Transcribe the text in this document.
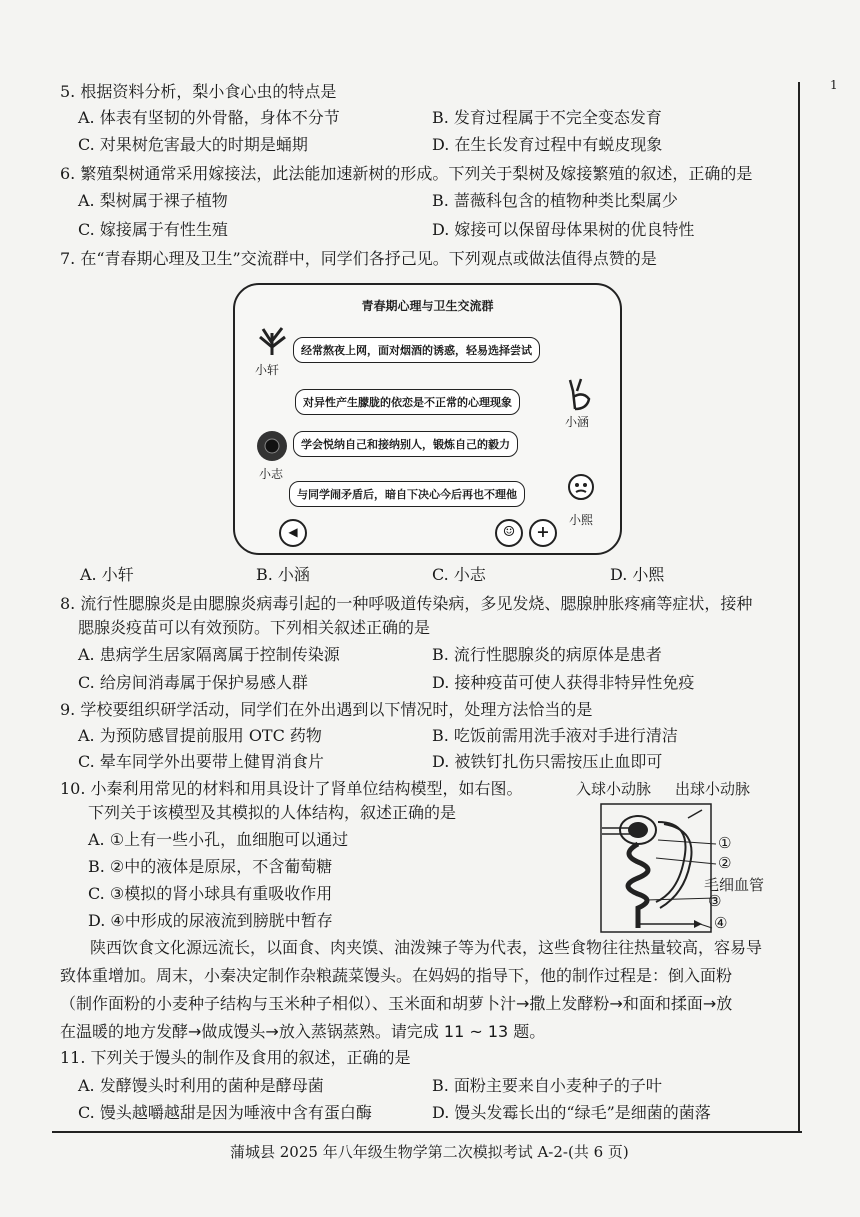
1
5. 根据资料分析，梨小食心虫的特点是
A. 体表有坚韧的外骨骼，身体不分节	B. 发育过程属于不完全变态发育
C. 对果树危害最大的时期是蛹期	D. 在生长发育过程中有蜕皮现象
6. 繁殖梨树通常采用嫁接法，此法能加速新树的形成。下列关于梨树及嫁接繁殖的叙述，正确的是
A. 梨树属于裸子植物	B. 蔷薇科包含的植物种类比梨属少
C. 嫁接属于有性生殖	D. 嫁接可以保留母体果树的优良特性
7. 在“青春期心理及卫生”交流群中，同学们各抒己见。下列观点或做法值得点赞的是
青春期心理与卫生交流群
小轩
经常熬夜上网，面对烟酒的诱惑，轻易选择尝试
对异性产生朦胧的依恋是不正常的心理现象
小涵
小志
学会悦纳自己和接纳别人，锻炼自己的毅力
与同学闹矛盾后，暗自下决心今后再也不理他
小熙
◀	☺	+
A. 小轩	B. 小涵	C. 小志	D. 小熙
8. 流行性腮腺炎是由腮腺炎病毒引起的一种呼吸道传染病，多见发烧、腮腺肿胀疼痛等症状，接种
腮腺炎疫苗可以有效预防。下列相关叙述正确的是
A. 患病学生居家隔离属于控制传染源	B. 流行性腮腺炎的病原体是患者
C. 给房间消毒属于保护易感人群	D. 接种疫苗可使人获得非特异性免疫
9. 学校要组织研学活动，同学们在外出遇到以下情况时，处理方法恰当的是
A. 为预防感冒提前服用 OTC 药物	B. 吃饭前需用洗手液对手进行清洁
C. 晕车同学外出要带上健胃消食片	D. 被铁钉扎伤只需按压止血即可
10. 小秦利用常见的材料和用具设计了肾单位结构模型，如右图。
下列关于该模型及其模拟的人体结构，叙述正确的是
A. ①上有一些小孔，血细胞可以通过
B. ②中的液体是原尿，不含葡萄糖
C. ③模拟的肾小球具有重吸收作用
D. ④中形成的尿液流到膀胱中暂存
入球小动脉 出球小动脉
①
②
毛细血管
③
④
陕西饮食文化源远流长，以面食、肉夹馍、油泼辣子等为代表，这些食物往往热量较高，容易导
致体重增加。周末，小秦决定制作杂粮蔬菜馒头。在妈妈的指导下，他的制作过程是：倒入面粉
（制作面粉的小麦种子结构与玉米种子相似）、玉米面和胡萝卜汁→撒上发酵粉→和面和揉面→放
在温暖的地方发酵→做成馒头→放入蒸锅蒸熟。请完成 11 ~ 13 题。
11. 下列关于馒头的制作及食用的叙述，正确的是
A. 发酵馒头时利用的菌种是酵母菌	B. 面粉主要来自小麦种子的子叶
C. 馒头越嚼越甜是因为唾液中含有蛋白酶	D. 馒头发霉长出的“绿毛”是细菌的菌落
蒲城县 2025 年八年级生物学第二次模拟考试 A-2-(共 6 页)
